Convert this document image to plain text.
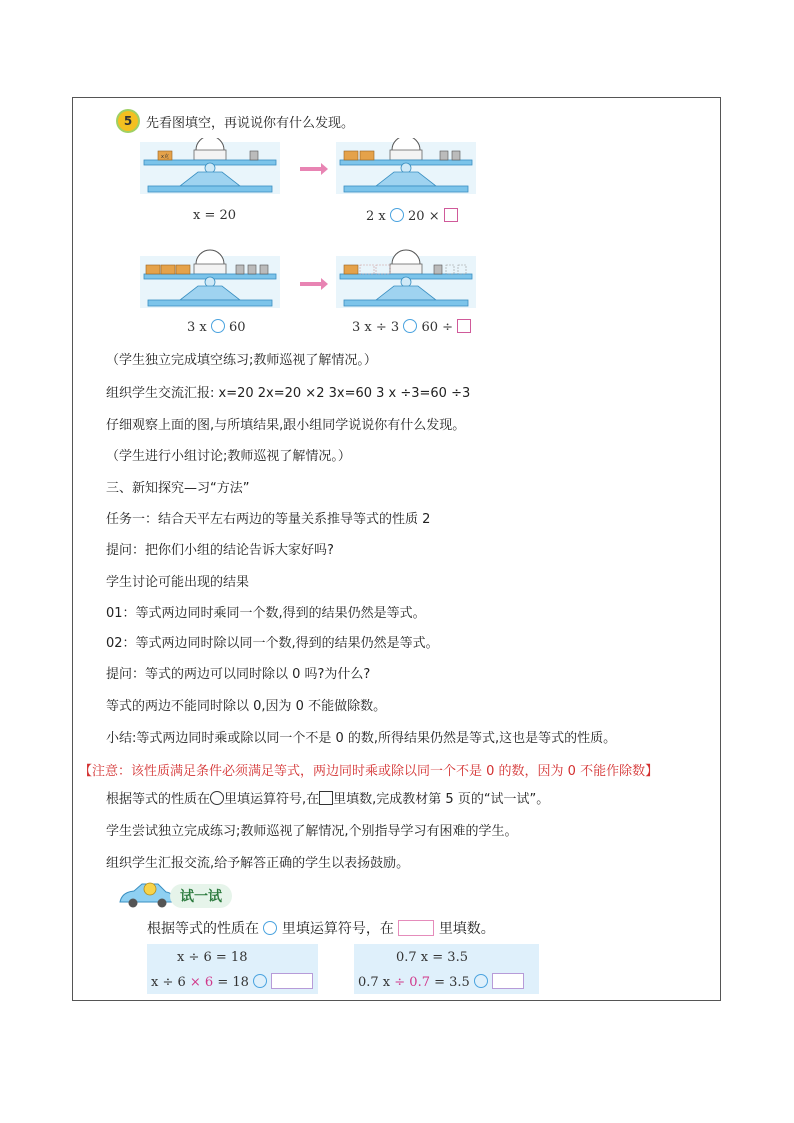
5	先看图填空，再说说你有什么发现。
x克
x = 20	2 x 20 ×
3 x 60	3 x ÷ 3 60 ÷
（学生独立完成填空练习;教师巡视了解情况。）
组织学生交流汇报: x=20 2x=20 ×2 3x=60 3 x ÷3=60 ÷3
仔细观察上面的图,与所填结果,跟小组同学说说你有什么发现。
（学生进行小组讨论;教师巡视了解情况。）
三、新知探究—习“方法”
任务一：结合天平左右两边的等量关系推导等式的性质 2
提问：把你们小组的结论告诉大家好吗?
学生讨论可能出现的结果
01：等式两边同时乘同一个数,得到的结果仍然是等式。
02：等式两边同时除以同一个数,得到的结果仍然是等式。
提问：等式的两边可以同时除以 0 吗?为什么?
等式的两边不能同时除以 0,因为 0 不能做除数。
小结:等式两边同时乘或除以同一个不是 0 的数,所得结果仍然是等式,这也是等式的性质。
【注意：该性质满足条件必须满足等式，两边同时乘或除以同一个不是 0 的数，因为 0 不能作除数】
根据等式的性质在 里填运算符号,在 里填数,完成教材第 5 页的“试一试”。
学生尝试独立完成练习;教师巡视了解情况,个别指导学习有困难的学生。
组织学生汇报交流,给予解答正确的学生以表扬鼓励。
试一试
根据等式的性质在 里填运算符号，在	里填数。
x ÷ 6 = 18
x ÷ 6 × 6 = 18
0.7 x = 3.5
0.7 x ÷ 0.7 = 3.5
